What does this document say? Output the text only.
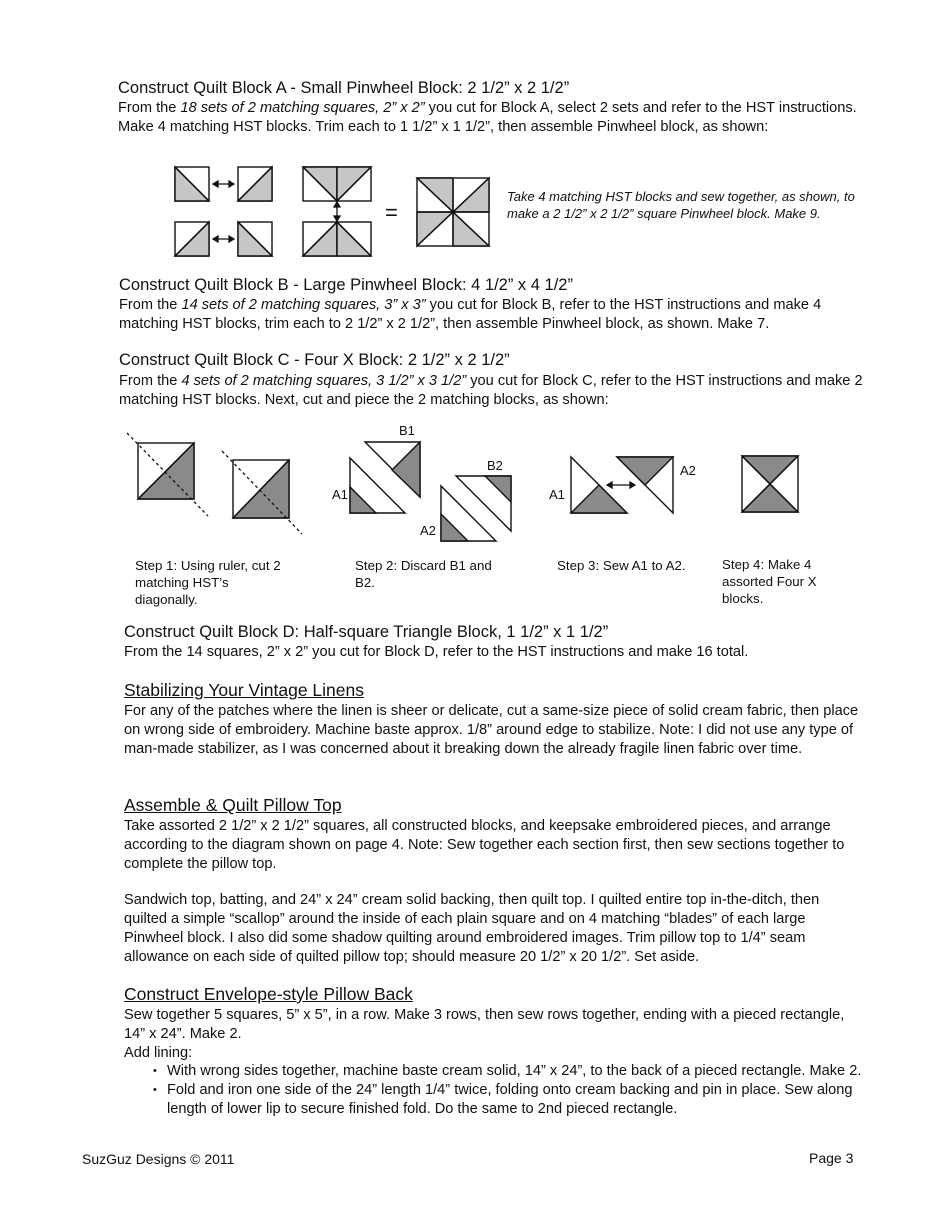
Construct Quilt Block A - Small Pinwheel Block: 2 1/2” x 2 1/2”
From the 18 sets of 2 matching squares, 2” x 2” you cut for Block A, select 2 sets and refer to the HST instructions. Make 4 matching HST blocks. Trim each to 1 1/2” x 1 1/2”, then assemble Pinwheel block, as shown:
=
Take 4 matching HST blocks and sew together, as shown, to make a 2 1/2” x 2 1/2” square Pinwheel block. Make 9.
Construct Quilt Block B - Large Pinwheel Block: 4 1/2” x 4 1/2”
From the 14 sets of 2 matching squares, 3” x 3” you cut for Block B, refer to the HST instructions and make 4 matching HST blocks, trim each to 2 1/2” x 2 1/2”, then assemble Pinwheel block, as shown. Make 7.
Construct Quilt Block C - Four X Block: 2 1/2” x 2 1/2”
From the 4 sets of 2 matching squares, 3 1/2” x 3 1/2” you cut for Block C, refer to the HST instructions and make 2 matching HST blocks. Next, cut and piece the 2 matching blocks, as shown:
B1
A1
B2
A2
A1
A2
Step 1: Using ruler, cut 2 matching HST’s diagonally.
Step 2: Discard B1 and B2.
Step 3: Sew A1 to A2.	Step 4: Make 4 assorted Four X blocks.
Construct Quilt Block D: Half-square Triangle Block, 1 1/2” x 1 1/2”
From the 14 squares, 2” x 2” you cut for Block D, refer to the HST instructions and make 16 total.
Stabilizing Your Vintage Linens
For any of the patches where the linen is sheer or delicate, cut a same-size piece of solid cream fabric, then place on wrong side of embroidery. Machine baste approx. 1/8” around edge to stabilize. Note: I did not use any type of man-made stabilizer, as I was concerned about it breaking down the already fragile linen fabric over time.
Assemble & Quilt Pillow Top
Take assorted 2 1/2” x 2 1/2” squares, all constructed blocks, and keepsake embroidered pieces, and arrange according to the diagram shown on page 4. Note: Sew together each section first, then sew sections together to complete the pillow top.
Sandwich top, batting, and 24” x 24” cream solid backing, then quilt top. I quilted entire top in-the-ditch, then quilted a simple “scallop” around the inside of each plain square and on 4 matching “blades” of each large Pinwheel block. I also did some shadow quilting around embroidered images. Trim pillow top to 1/4” seam allowance on each side of quilted pillow top; should measure 20 1/2” x 20 1/2”. Set aside.
Construct Envelope-style Pillow Back
Sew together 5 squares, 5” x 5”, in a row. Make 3 rows, then sew rows together, ending with a pieced rectangle, 14” x 24”. Make 2.
Add lining:
• With wrong sides together, machine baste cream solid, 14” x 24”, to the back of a pieced rectangle. Make 2.
• Fold and iron one side of the 24” length 1/4” twice, folding onto cream backing and pin in place. Sew along length of lower lip to secure finished fold. Do the same to 2nd pieced rectangle.
SuzGuz Designs © 2011	Page 3
